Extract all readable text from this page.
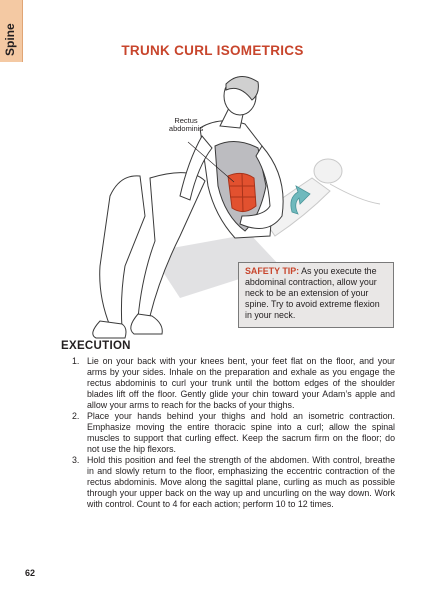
Spine	TRUNK CURL ISOMETRICS
Rectus abdominis
SAFETY TIP: As you execute the abdominal contraction, allow your neck to be an extension of your spine. Try to avoid extreme flexion in your neck.
EXECUTION
1. Lie on your back with your knees bent, your feet flat on the floor, and your arms by your sides. Inhale on the preparation and exhale as you engage the rectus abdominis to curl your trunk until the bottom edges of the shoulder blades lift off the floor. Gently glide your chin toward your Adam’s apple and allow your arms to reach for the backs of your thighs.
2. Place your hands behind your thighs and hold an isometric contraction. Emphasize moving the entire thoracic spine into a curl; allow the spinal muscles to support that curling effect. Keep the sacrum firm on the floor; do not use the hip flexors.
3. Hold this position and feel the strength of the abdomen. With control, breathe in and slowly return to the floor, emphasizing the eccentric contraction of the rectus abdominis. Move along the sagittal plane, curling as much as possible through your upper back on the way up and uncurling on the way down. Work with control. Count to 4 for each action; perform 10 to 12 times.
62
